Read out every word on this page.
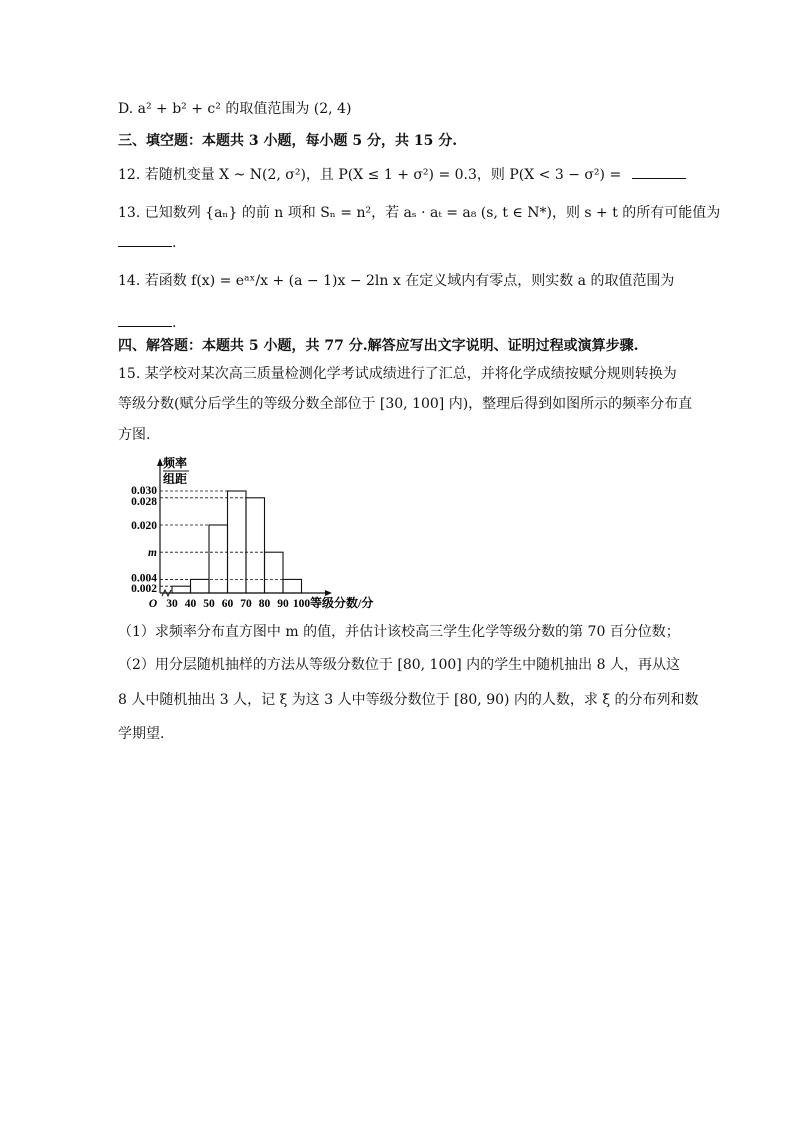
D. a² + b² + c² 的取值范围为 (2, 4)
三、填空题：本题共 3 小题，每小题 5 分，共 15 分.
12. 若随机变量 X ~ N(2, σ²)，且 P(X ≤ 1 + σ²) = 0.3，则 P(X < 3 − σ²) =
13. 已知数列 {aₙ} 的前 n 项和 Sₙ = n²，若 aₛ · aₜ = a₈ (s, t ∈ N*)，则 s + t 的所有可能值为
.
14. 若函数 f(x) = eᵃˣ/x + (a − 1)x − 2ln x 在定义域内有零点，则实数 a 的取值范围为
.
四、解答题：本题共 5 小题，共 77 分.解答应写出文字说明、证明过程或演算步骤.
15. 某学校对某次高三质量检测化学考试成绩进行了汇总，并将化学成绩按赋分规则转换为
等级分数(赋分后学生的等级分数全部位于 [30, 100] 内)，整理后得到如图所示的频率分布直
方图.
0.002
0.004
m
0.020
0.028
0.030
30 40 50 60 70 80 90 100
O	等级分数/分
频率
组距
（1）求频率分布直方图中 m 的值，并估计该校高三学生化学等级分数的第 70 百分位数；
（2）用分层随机抽样的方法从等级分数位于 [80, 100] 内的学生中随机抽出 8 人，再从这
8 人中随机抽出 3 人，记 ξ 为这 3 人中等级分数位于 [80, 90) 内的人数，求 ξ 的分布列和数
学期望.
